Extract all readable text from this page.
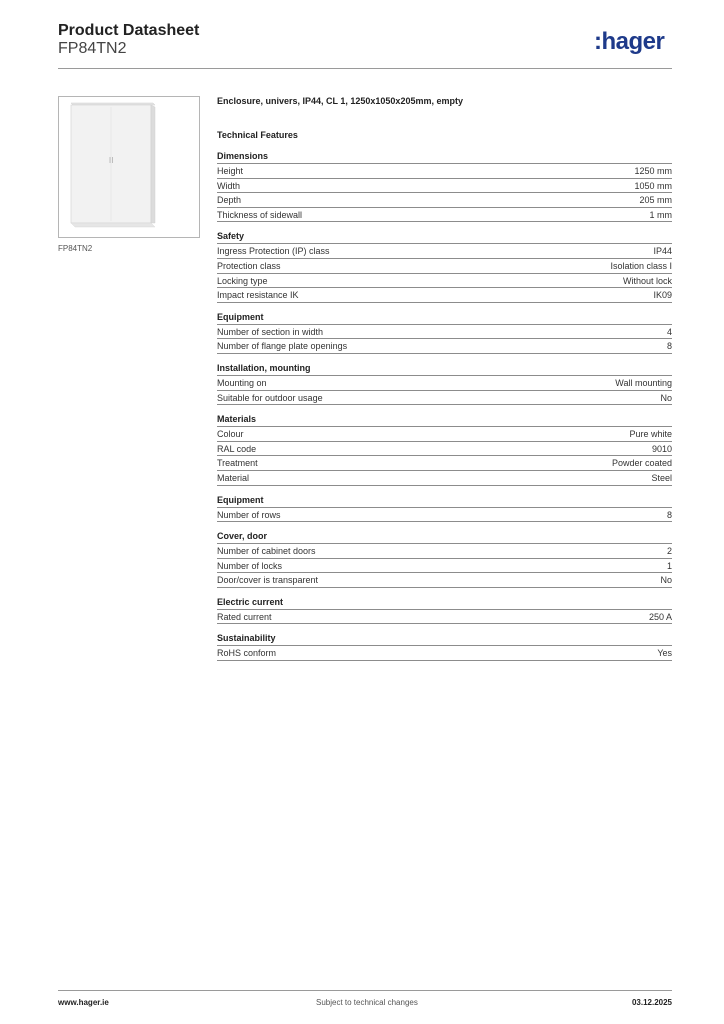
Product Datasheet
FP84TN2	:hager
FP84TN2
Enclosure, univers, IP44, CL 1, 1250x1050x205mm, empty
Technical Features
Dimensions
Height	1250 mm
Width	1050 mm
Depth	205 mm
Thickness of sidewall	1 mm
Safety
Ingress Protection (IP) class	IP44
Protection class	Isolation class I
Locking type	Without lock
Impact resistance IK	IK09
Equipment
Number of section in width	4
Number of flange plate openings	8
Installation, mounting
Mounting on	Wall mounting
Suitable for outdoor usage	No
Materials
Colour	Pure white
RAL code	9010
Treatment	Powder coated
Material	Steel
Equipment
Number of rows	8
Cover, door
Number of cabinet doors	2
Number of locks	1
Door/cover is transparent	No
Electric current
Rated current	250 A
Sustainability
RoHS conform	Yes
www.hager.ie	Subject to technical changes	03.12.2025
